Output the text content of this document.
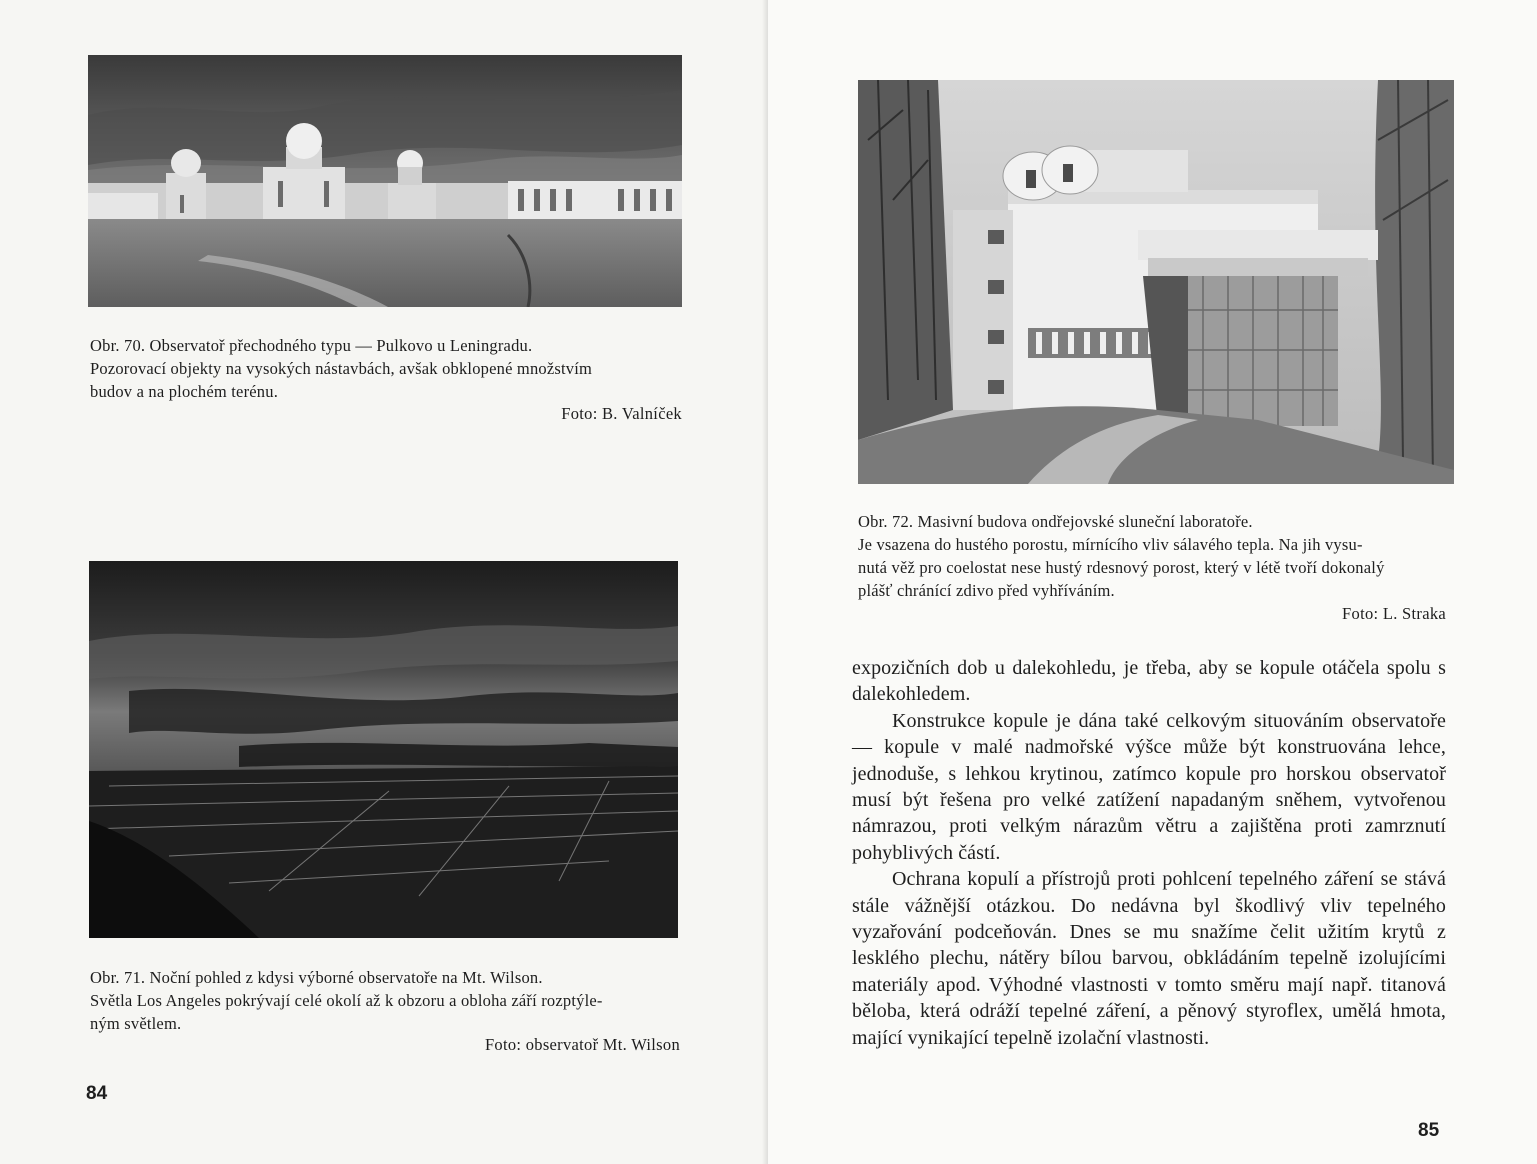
Obr. 70. Observatoř přechodného typu — Pulkovo u Leningradu.
Pozorovací objekty na vysokých nástavbách, avšak obklopené množstvím
budov a na plochém terénu.

Foto: B. Valníček

Obr. 71. Noční pohled z kdysi výborné observatoře na Mt. Wilson.
Světla Los Angeles pokrývají celé okolí až k obzoru a obloha září rozptýle-
ným světlem.

Foto: observatoř Mt. Wilson

84

Obr. 72. Masivní budova ondřejovské sluneční laboratoře.
Je vsazena do hustého porostu, mírnícího vliv sálavého tepla. Na jih vysu-
nutá věž pro coelostat nese hustý rdesnový porost, který v létě tvoří dokonalý
plášť chránící zdivo před vyhříváním.

Foto: L. Straka

expozičních dob u dalekohledu, je třeba, aby se kopule otáčela spolu s dalekohledem.

Konstrukce kopule je dána také celkovým situováním observatoře — kopule v malé nadmořské výšce může být konstruována lehce, jednoduše, s lehkou krytinou, zatímco kopule pro horskou observatoř musí být řešena pro velké zatížení napadaným sněhem, vytvořenou námrazou, proti velkým nárazům větru a zajištěna proti zamrznutí pohyblivých částí.

Ochrana kopulí a přístrojů proti pohlcení tepelného záření se stává stále vážnější otázkou. Do nedávna byl škodlivý vliv tepelného vyzařování podceňován. Dnes se mu snažíme čelit užitím krytů z lesklého plechu, nátěry bílou barvou, obkládáním tepelně izolujícími materiály apod. Výhodné vlastnosti v tomto směru mají např. titanová běloba, která odráží tepelné záření, a pěnový styroflex, umělá hmota, mající vynikající tepelně izolační vlastnosti.

85
